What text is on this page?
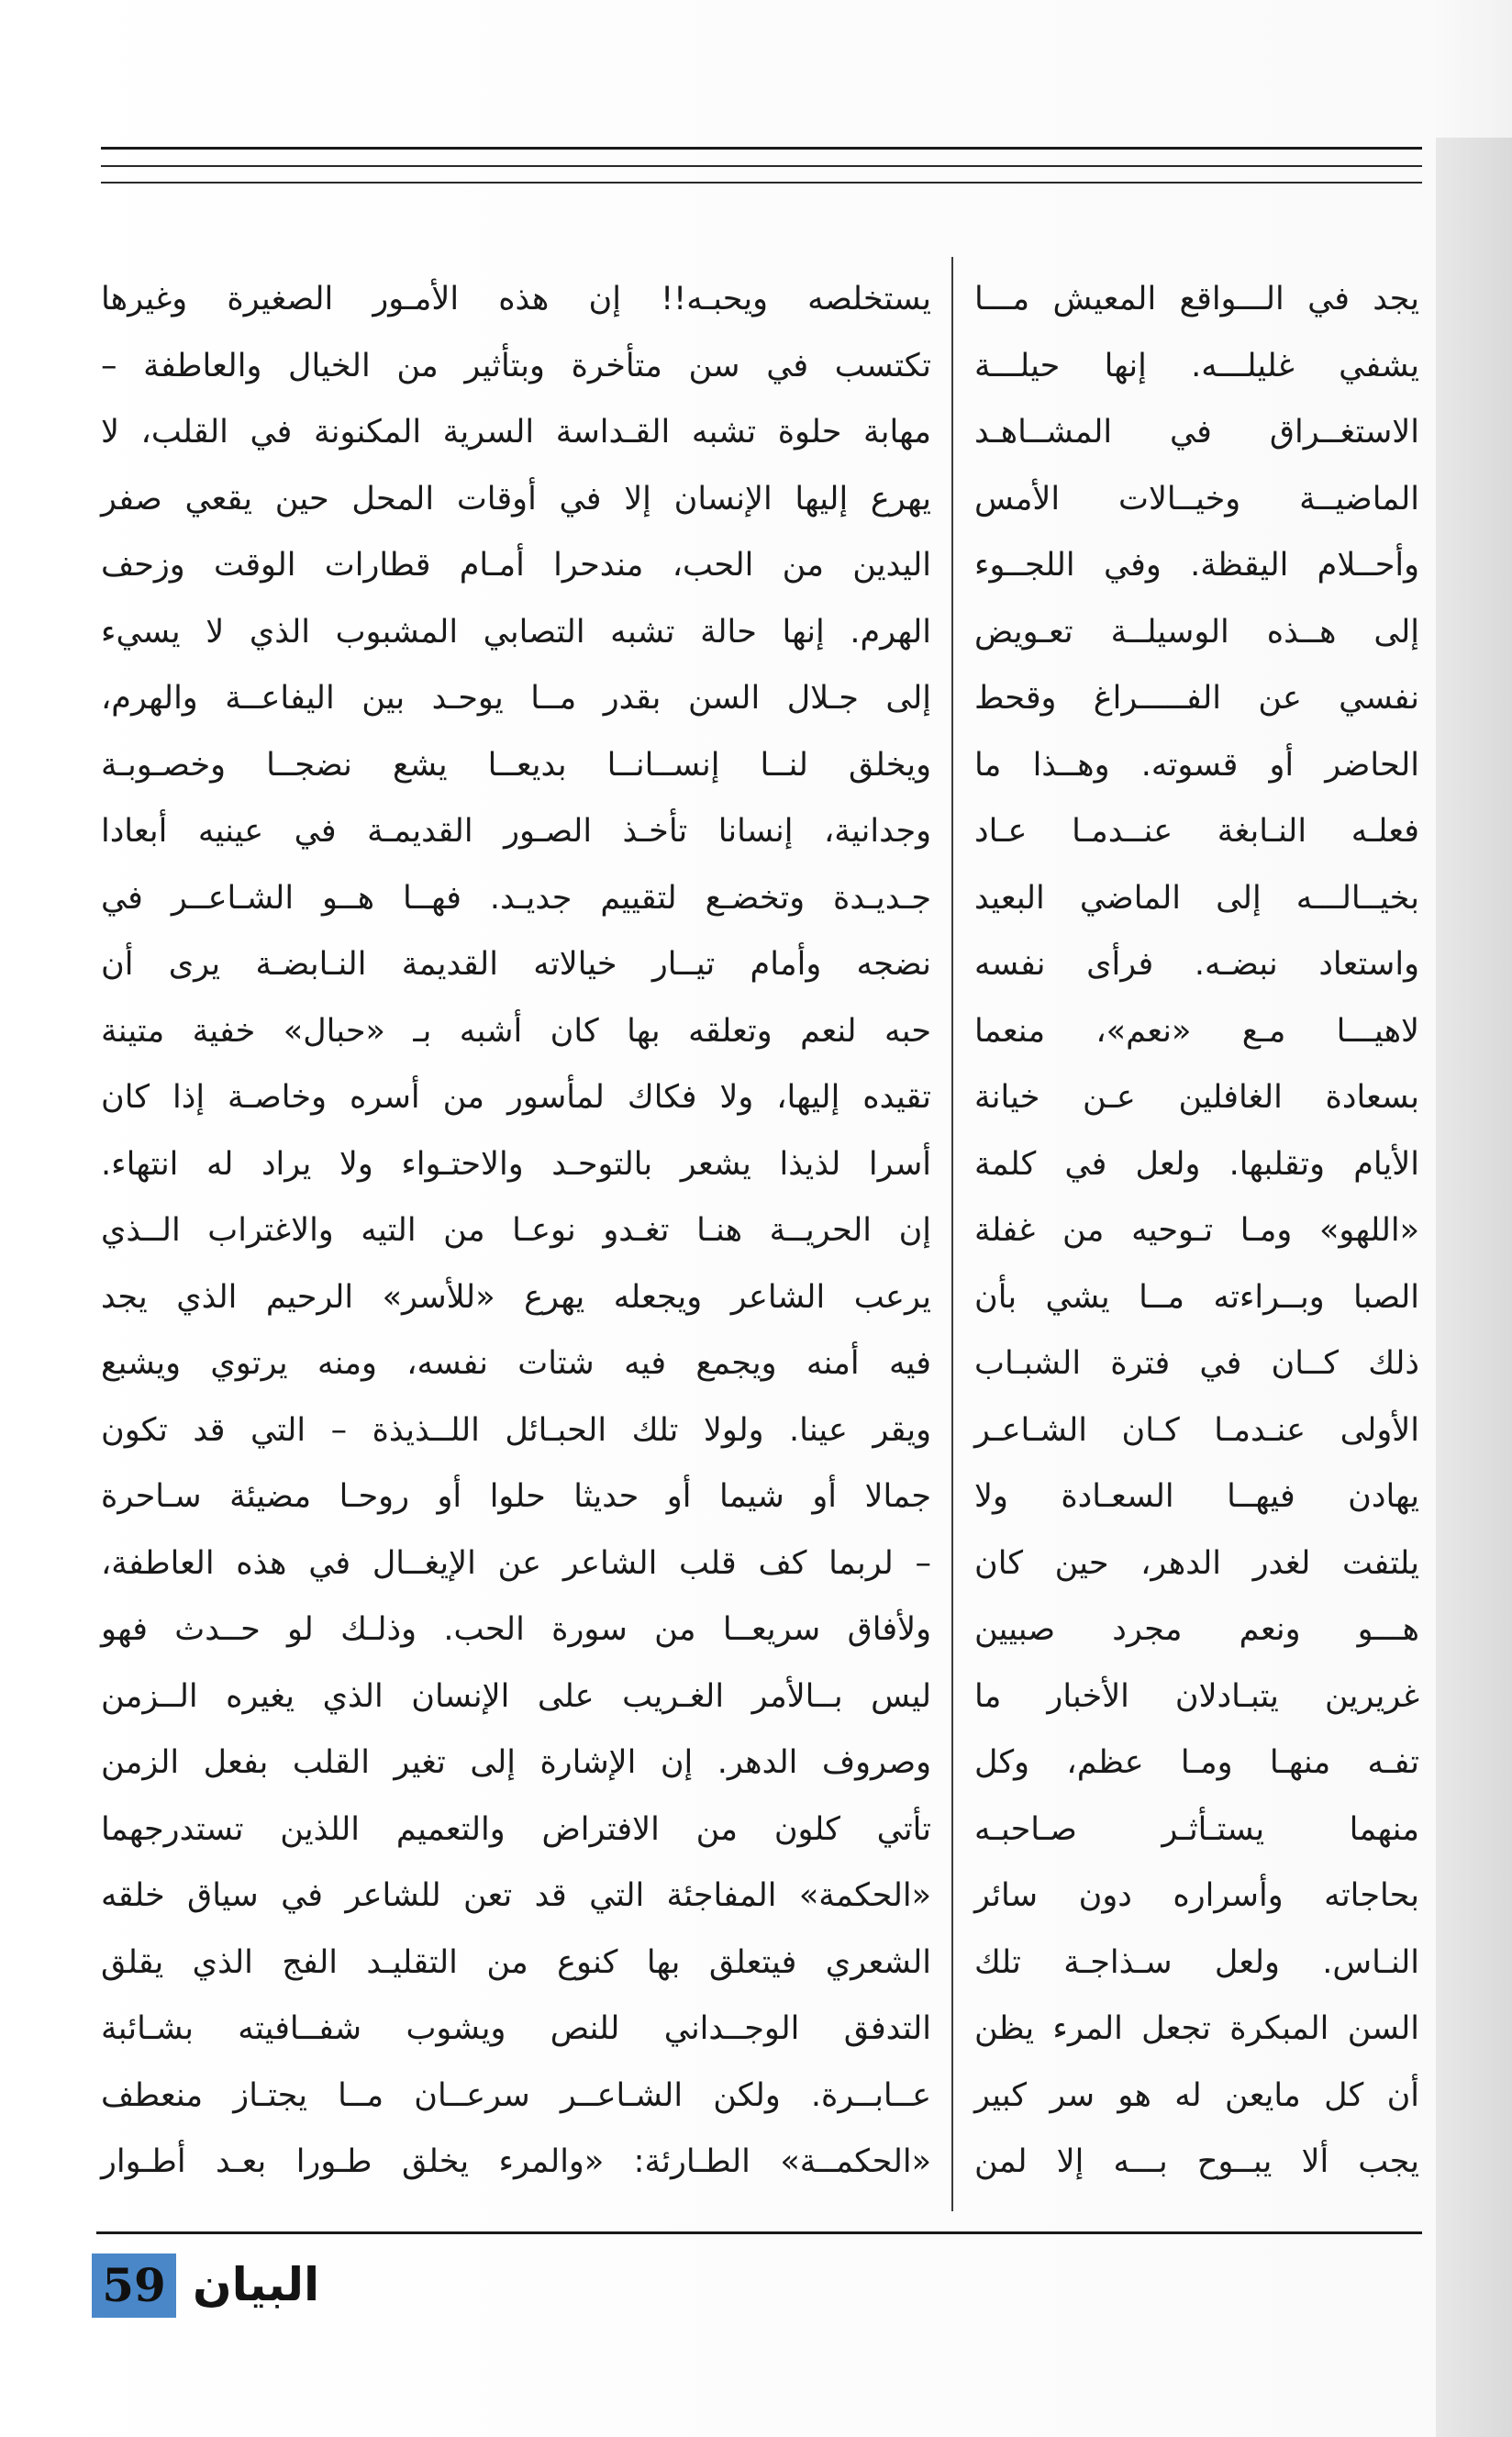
يجد في الـــواقع المعيش مـــا

يشفي غليلـــه. إنها حيلـــة

الاستغــراق في المشــاهـد

الماضيــة وخيــالات الأمس

وأحــلام اليقظة. وفي اللجــوء

إلى هــذه الوسيلــة تعـويض

نفسي عن الفـــــراغ وقحط

الحاضر أو قسوته. وهــذا ما

فعلـه النـابغة عنــدمـا عـاد

بخيــالـــه إلى الماضي البعيد

واستعاد نبضـه. فرأى نفسه

لاهيـــا مـع «نعم»، منعما

بسعادة الغافلين عـن خيانة

الأيام وتقلبها. ولعل في كلمة

«اللهو» ومـا تـوحيه من غفلة

الصبا وبــراءته مــا يشي بأن

ذلك كــان في فترة الشبـاب

الأولى عنـدمـا كـان الشـاعـر

يهادن فيهــا السعـادة ولا

يلتفت لغدر الدهر، حين كان

هـــو ونعم مجرد صبيين

غريرين يتبـادلان الأخبار ما

تفـه منهـا ومـا عظم، وكل

منهما يستـأثـر صـاحبـه

بحاجاته وأسراره دون سائر

النـاس. ولعل سـذاجـة تلك

السن المبكرة تجعل المرء يظن

أن كل مايعن له هو سر كبير

يجب ألا يبــوح بـــه إلا لمن

يستخلصه ويحبـه!! إن هذه الأمـور الصغيرة وغيرها

تكتسب في سن متأخرة وبتأثير من الخيال والعاطفة –

مهابة حلوة تشبه القـداسة السرية المكنونة في القلب، لا

يهرع إليها الإنسان إلا في أوقات المحل حين يقعي صفر

اليدين من الحب، مندحرا أمـام قطارات الوقت وزحف

الهرم. إنها حالة تشبه التصابي المشبوب الذي لا يسيء

إلى جـلال السن بقدر مــا يوحـد بين اليفاعــة والهرم،

ويخلق لنــا إنســانــا بديعــا يشع نضجــا وخصـوبـة

وجدانية، إنسانا تأخـذ الصـور القديمـة في عينيه أبعادا

جـديـدة وتخضـع لتقييم جديـد. فهــا هــو الشـاعــر في

نضجه وأمام تيــار خيالاته القديمة النـابضـة يرى أن

حبه لنعم وتعلقه بها كان أشبه بـ «حبال» خفية متينة

تقيده إليها، ولا فكاك لمأسور من أسره وخاصـة إذا كان

أسرا لذيذا يشعر بالتوحـد والاحتـواء ولا يراد له انتهاء.

إن الحريــة هنـا تغـدو نوعـا من التيه والاغتراب الــذي

يرعب الشاعر ويجعله يهرع «للأسر» الرحيم الذي يجد

فيه أمنه ويجمع فيه شتات نفسه، ومنه يرتوي ويشبع

ويقر عينا. ولولا تلك الحبـائل اللــذيذة – التي قد تكون

جمالا أو شيما أو حديثا حلوا أو روحـا مضيئة سـاحرة

– لربما كف قلب الشاعر عن الإيغــال في هذه العاطفة،

ولأفاق سريعــا من سورة الحب. وذلـك لو حــدث فهو

ليس بــالأمر الغـريب على الإنسان الذي يغيره الــزمن

وصروف الدهر. إن الإشارة إلى تغير القلب بفعل الزمن

تأتي كلون من الافتراض والتعميم اللذين تستدرجهما

«الحكمة» المفاجئة التي قد تعن للشاعر في سياق خلقه

الشعري فيتعلق بها كنوع من التقليـد الفج الذي يقلق

التدفق الوجــداني للنص ويشوب شفــافيته بشـائبة

عــابــرة. ولكن الشـاعــر سرعــان مــا يجتـاز منعطف

«الحكمــة» الطـارئة: «والمرء يخلق طـورا بعـد أطـوار

59 البيان
